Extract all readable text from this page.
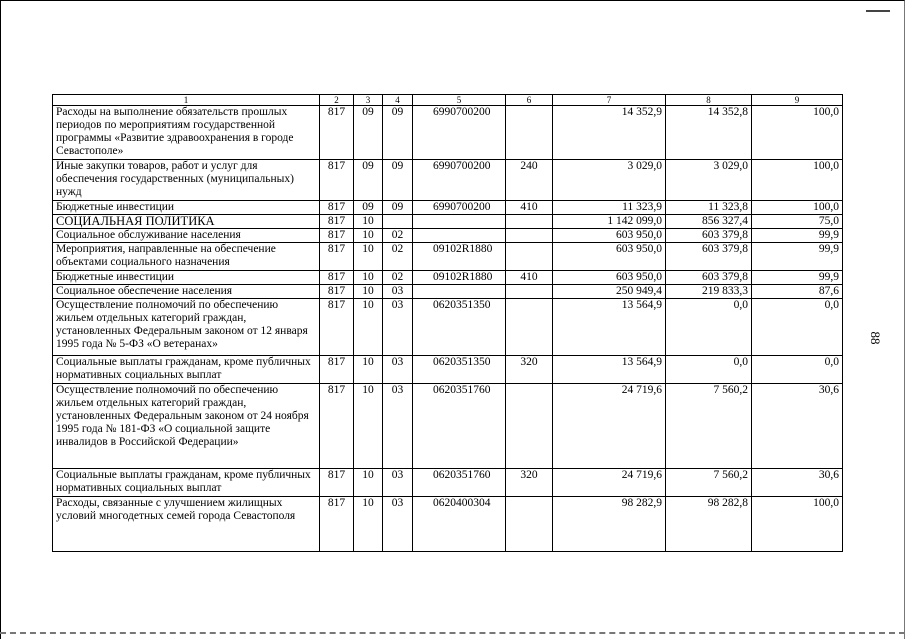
88
1	2	3	4	5	6	7	8	9
Расходы на выполнение обязательств прошлых периодов по мероприятиям государственной программы «Развитие здравоохранения в городе Севастополе»	817	09	09	6990700200		14 352,9	14 352,8	100,0
Иные закупки товаров, работ и услуг для обеспечения государственных (муниципальных) нужд	817	09	09	6990700200	240	3 029,0	3 029,0	100,0
Бюджетные инвестиции	817	09	09	6990700200	410	11 323,9	11 323,8	100,0
СОЦИАЛЬНАЯ ПОЛИТИКА	817	10				1 142 099,0	856 327,4	75,0
Социальное обслуживание населения	817	10	02			603 950,0	603 379,8	99,9
Мероприятия, направленные на обеспечение объектами социального назначения	817	10	02	09102R1880		603 950,0	603 379,8	99,9
Бюджетные инвестиции	817	10	02	09102R1880	410	603 950,0	603 379,8	99,9
Социальное обеспечение населения	817	10	03			250 949,4	219 833,3	87,6
Осуществление полномочий по обеспечению жильем отдельных категорий граждан, установленных Федеральным законом от 12 января 1995 года № 5-ФЗ «О ветеранах»	817	10	03	0620351350		13 564,9	0,0	0,0
Социальные выплаты гражданам, кроме публичных нормативных социальных выплат	817	10	03	0620351350	320	13 564,9	0,0	0,0
Осуществление полномочий по обеспечению жильем отдельных категорий граждан, установленных Федеральным законом от 24 ноября 1995 года № 181-ФЗ «О социальной защите инвалидов в Российской Федерации»	817	10	03	0620351760		24 719,6	7 560,2	30,6
Социальные выплаты гражданам, кроме публичных нормативных социальных выплат	817	10	03	0620351760	320	24 719,6	7 560,2	30,6
Расходы, связанные с улучшением жилищных условий многодетных семей города Севастополя	817	10	03	0620400304		98 282,9	98 282,8	100,0
